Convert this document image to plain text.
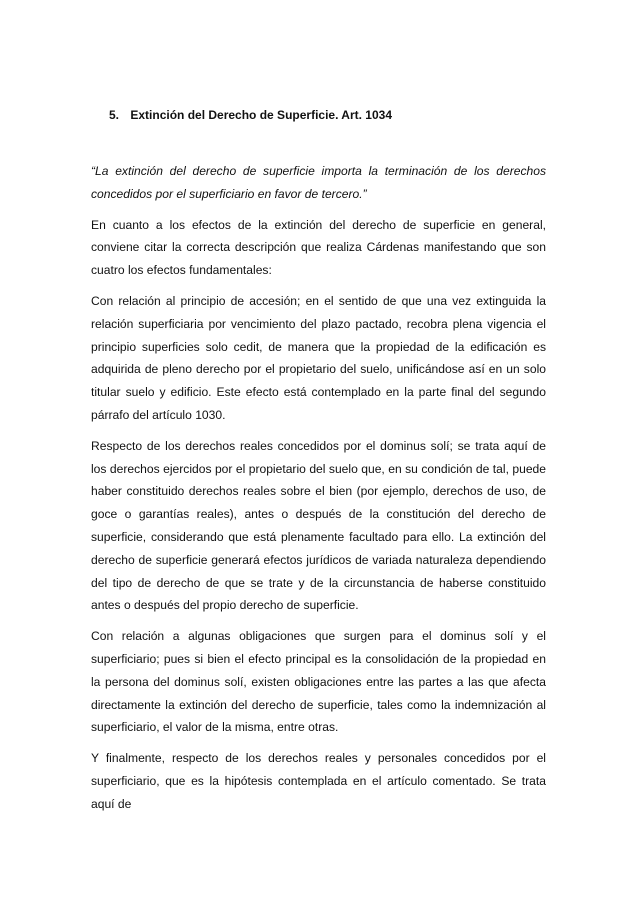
5. Extinción del Derecho de Superficie. Art. 1034

“La extinción del derecho de superficie importa la terminación de los derechos concedidos por el superficiario en favor de tercero.”

En cuanto a los efectos de la extinción del derecho de superficie en general, conviene citar la correcta descripción que realiza Cárdenas manifestando que son cuatro los efectos fundamentales:

Con relación al principio de accesión; en el sentido de que una vez extinguida la relación superficiaria por vencimiento del plazo pactado, recobra plena vigencia el principio superficies solo cedit, de manera que la propiedad de la edificación es adquirida de pleno derecho por el propietario del suelo, unificándose así en un solo titular suelo y edificio. Este efecto está contemplado en la parte final del segundo párrafo del artículo 1030.

Respecto de los derechos reales concedidos por el dominus solí; se trata aquí de los derechos ejercidos por el propietario del suelo que, en su condición de tal, puede haber constituido derechos reales sobre el bien (por ejemplo, derechos de uso, de goce o garantías reales), antes o después de la constitución del derecho de superficie, considerando que está plenamente facultado para ello. La extinción del derecho de superficie generará efectos jurídicos de variada naturaleza dependiendo del tipo de derecho de que se trate y de la circunstancia de haberse constituido antes o después del propio derecho de superficie.

Con relación a algunas obligaciones que surgen para el dominus solí y el superficiario; pues si bien el efecto principal es la consolidación de la propiedad en la persona del dominus solí, existen obligaciones entre las partes a las que afecta directamente la extinción del derecho de superficie, tales como la indemnización al superficiario, el valor de la misma, entre otras.

Y finalmente, respecto de los derechos reales y personales concedidos por el superficiario, que es la hipótesis contemplada en el artículo comentado. Se trata aquí de
